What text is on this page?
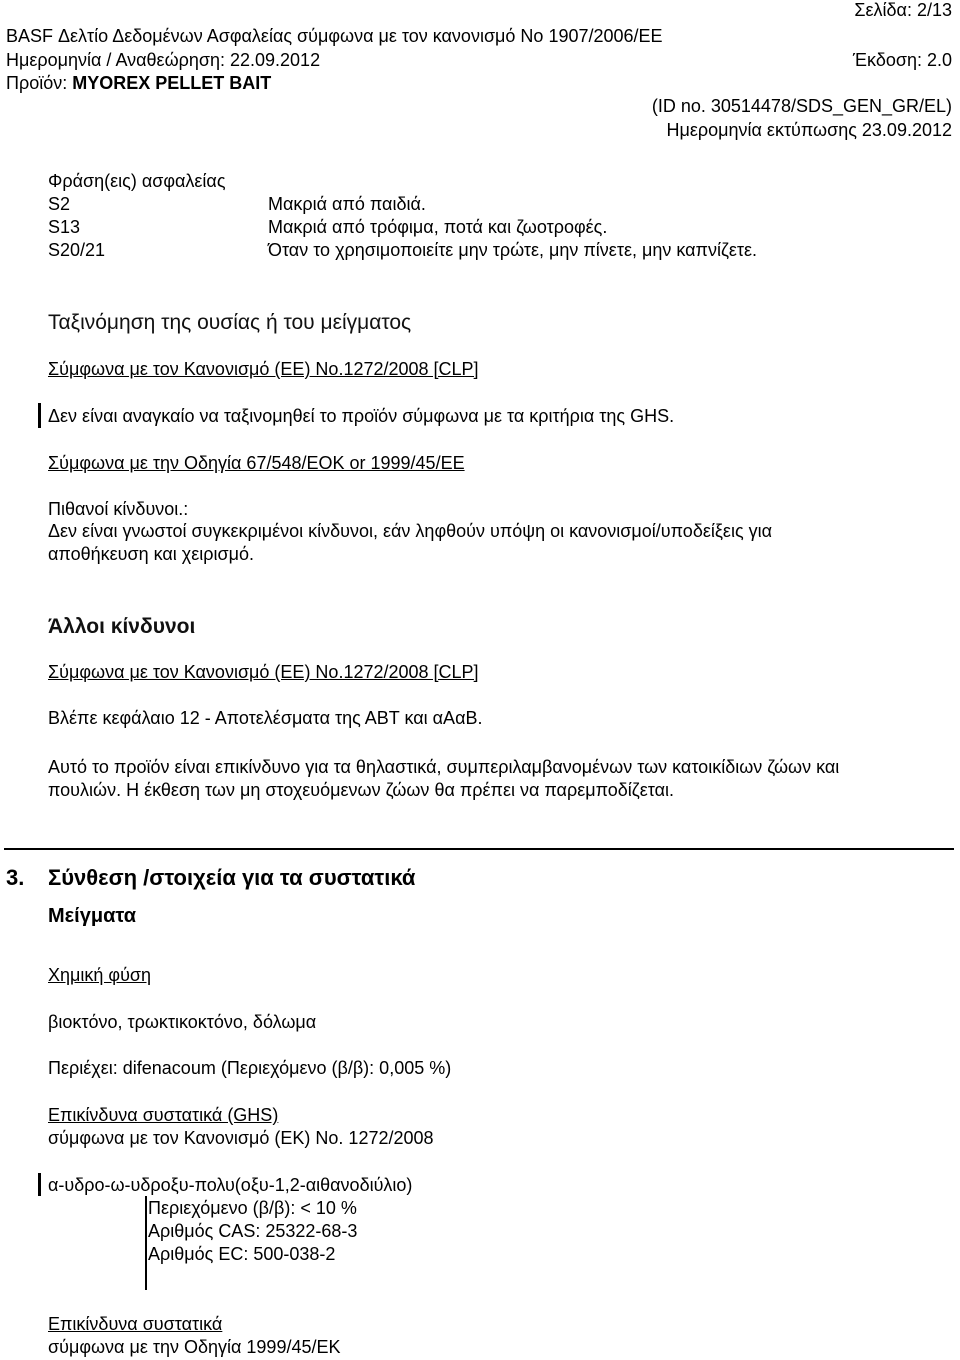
Σελίδα: 2/13
BASF Δελτίο Δεδομένων Ασφαλείας σύμφωνα με τον κανονισμό Νο 1907/2006/ΕΕ
Ημερομηνία / Αναθεώρηση: 22.09.2012	Έκδοση: 2.0
Προϊόν: MYOREX PELLET BAIT
(ID no. 30514478/SDS_GEN_GR/EL)
Ημερομηνία εκτύπωσης 23.09.2012
Φράση(εις) ασφαλείας
S2	Μακριά από παιδιά.
S13	Μακριά από τρόφιμα, ποτά και ζωοτροφές.
S20/21	Όταν το χρησιμοποιείτε μην τρώτε, μην πίνετε, μην καπνίζετε.
Ταξινόμηση της ουσίας ή του μείγματος
Σύμφωνα με τον Κανονισμό (ΕΕ) Νο.1272/2008 [CLP]
Δεν είναι αναγκαίο να ταξινομηθεί το προϊόν σύμφωνα με τα κριτήρια της GHS.
Σύμφωνα με την Οδηγία 67/548/ΕΟΚ or 1999/45/ΕΕ
Πιθανοί κίνδυνοι.:
Δεν είναι γνωστοί συγκεκριμένοι κίνδυνοι, εάν ληφθούν υπόψη οι κανονισμοί/υποδείξεις για
αποθήκευση και χειρισμό.
Άλλοι κίνδυνοι
Σύμφωνα με τον Κανονισμό (ΕΕ) Νο.1272/2008 [CLP]
Βλέπε κεφάλαιο 12 - Αποτελέσματα της ΑΒΤ και αΑαΒ.
Αυτό το προϊόν είναι επικίνδυνο για τα θηλαστικά, συμπεριλαμβανομένων των κατοικίδιων ζώων και
πουλιών. Η έκθεση των μη στοχευόμενων ζώων θα πρέπει να παρεμποδίζεται.
3. Σύνθεση /στοιχεία για τα συστατικά
Μείγματα
Χημική φύση
βιοκτόνο, τρωκτικοκτόνο, δόλωμα
Περιέχει: difenacoum (Περιεχόμενο (β/β): 0,005 %)
Επικίνδυνα συστατικά (GHS)
σύμφωνα με τον Κανονισμό (ΕΚ) Νο. 1272/2008
α-υδρο-ω-υδροξυ-πολυ(οξυ-1,2-αιθανοδιύλιο)
Περιεχόμενο (β/β): < 10 %
Αριθμός CAS: 25322-68-3
Αριθμός EC: 500-038-2
Επικίνδυνα συστατικά
σύμφωνα με την Οδηγία 1999/45/ΕΚ
